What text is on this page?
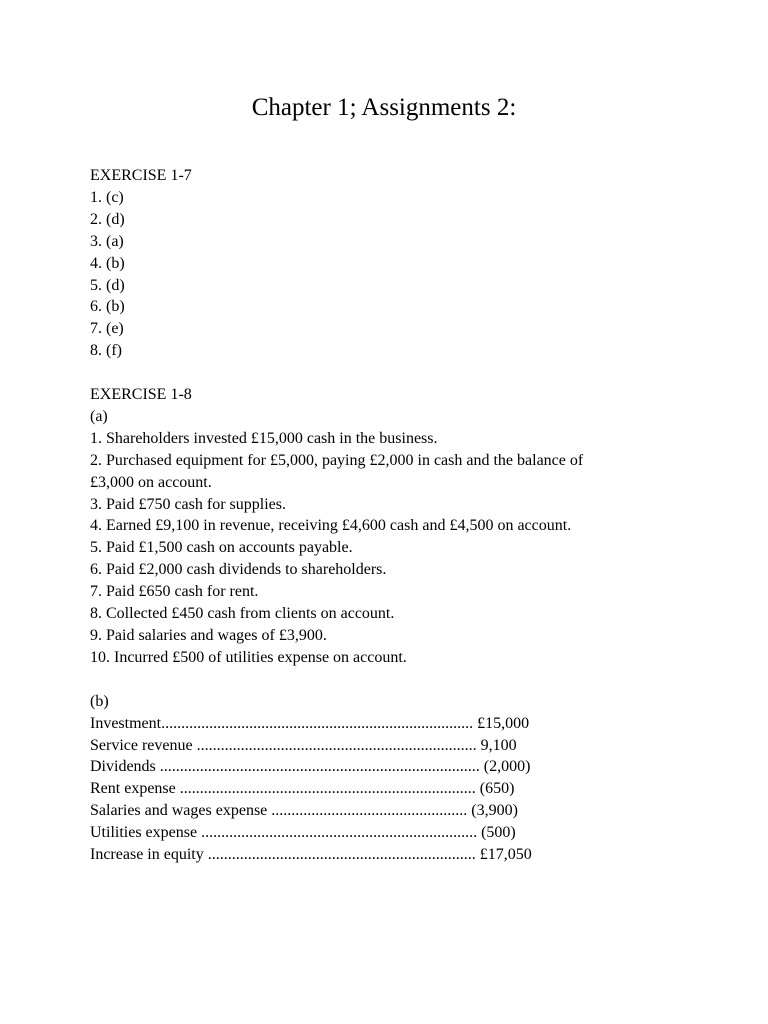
Chapter 1; Assignments 2:
EXERCISE 1-7
1. (c)
2. (d)
3. (a)
4. (b)
5. (d)
6. (b)
7. (e)
8. (f)
EXERCISE 1-8
(a)
1. Shareholders invested £15,000 cash in the business.
2. Purchased equipment for £5,000, paying £2,000 in cash and the balance of £3,000 on account.
3. Paid £750 cash for supplies.
4. Earned £9,100 in revenue, receiving £4,600 cash and £4,500 on account.
5. Paid £1,500 cash on accounts payable.
6. Paid £2,000 cash dividends to shareholders.
7. Paid £650 cash for rent.
8. Collected £450 cash from clients on account.
9. Paid salaries and wages of £3,900.
10. Incurred £500 of utilities expense on account.
(b)
Investment.............................................................................. £15,000
Service revenue ...................................................................... 9,100
Dividends ................................................................................ (2,000)
Rent expense .......................................................................... (650)
Salaries and wages expense ................................................. (3,900)
Utilities expense ..................................................................... (500)
Increase in equity ................................................................... £17,050
